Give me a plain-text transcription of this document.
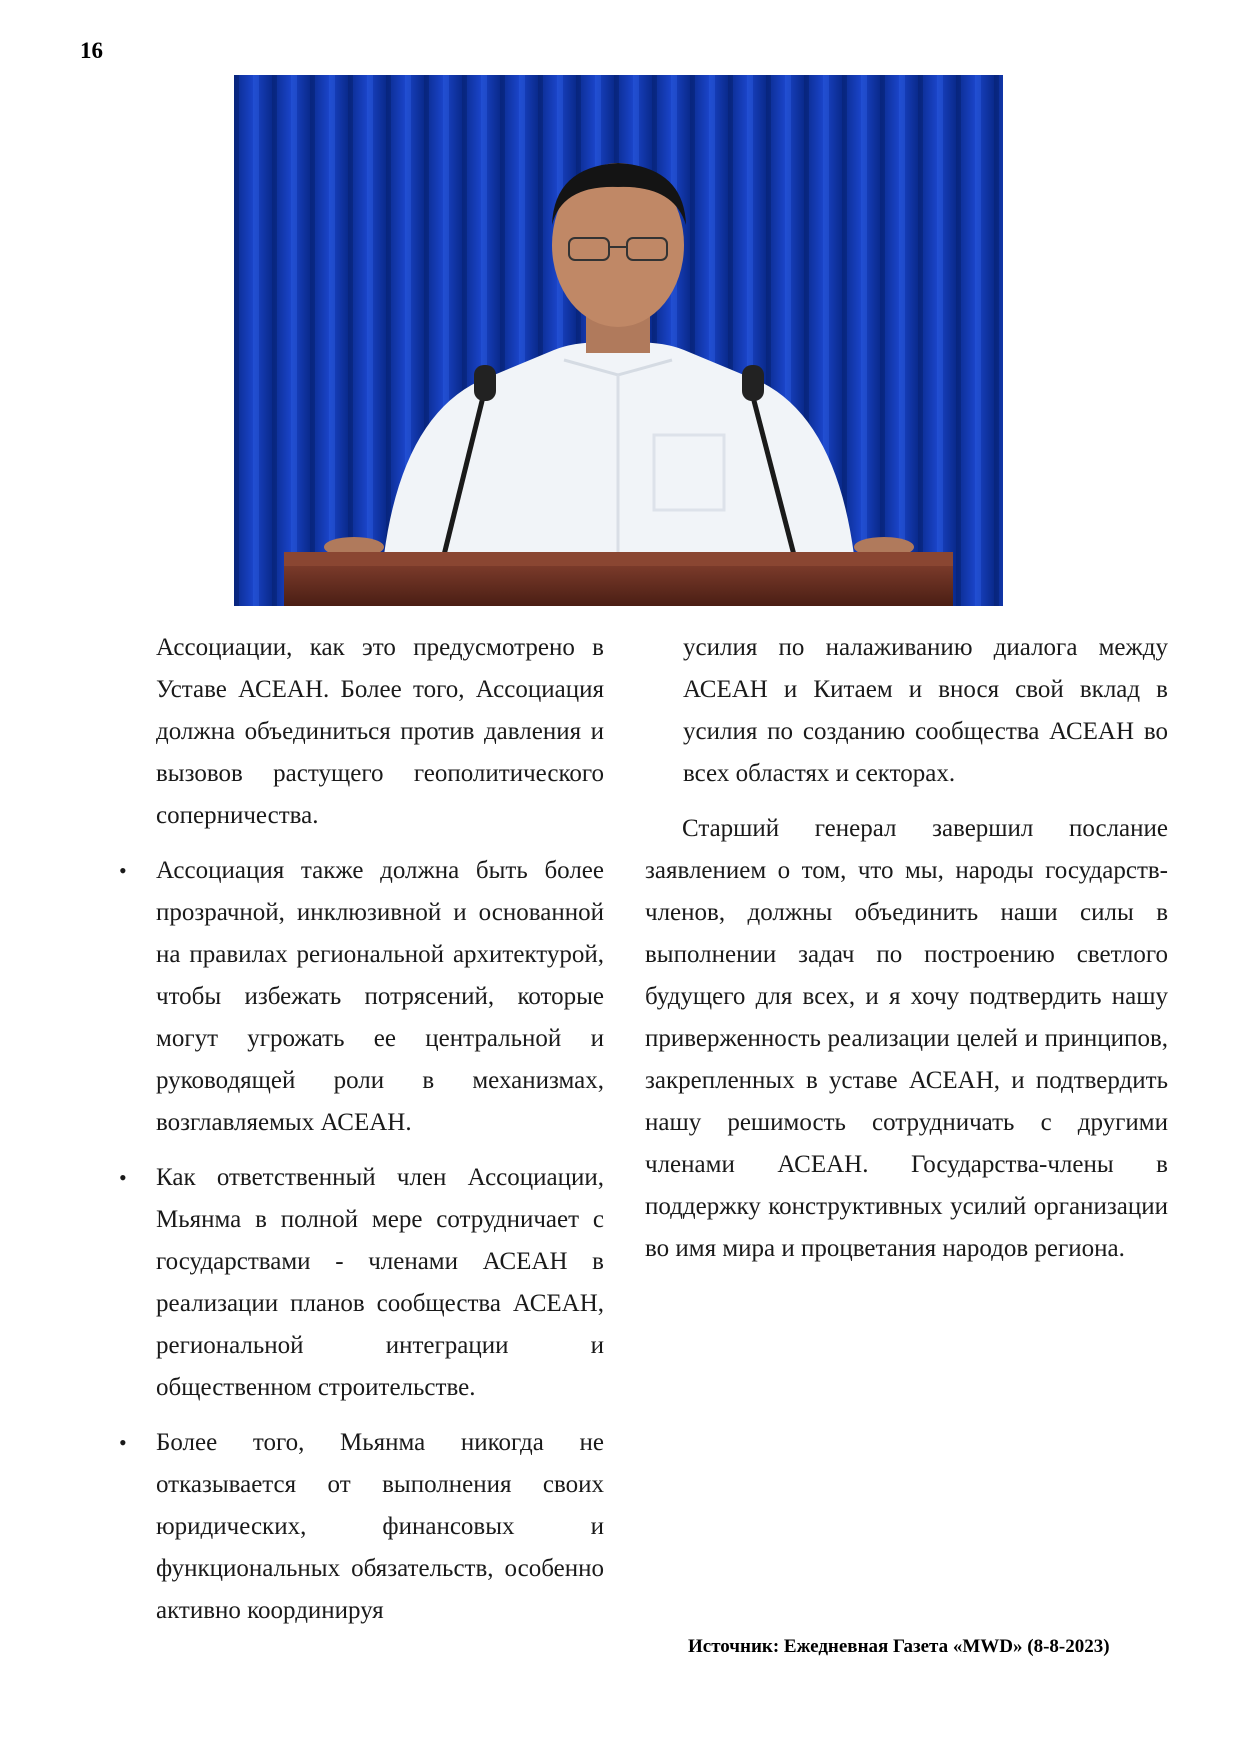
16

Ассоциации, как это предусмотрено в Уставе АСЕАН. Более того, Ассоциация должна объединиться против давления и вызовов растущего геополитического соперничества.

• Ассоциация также должна быть более прозрачной, инклюзивной и основанной на правилах региональной архитектурой, чтобы избежать потрясений, которые могут угрожать ее центральной и руководящей роли в механизмах, возглавляемых АСЕАН.

• Как ответственный член Ассоциации, Мьянма в полной мере сотрудничает с государствами - членами АСЕАН в реализации планов сообщества АСЕАН, региональной интеграции и общественном строительстве.

• Более того, Мьянма никогда не отказывается от выполнения своих юридических, финансовых и функциональных обязательств, особенно активно координируя

усилия по налаживанию диалога между АСЕАН и Китаем и внося свой вклад в усилия по созданию сообщества АСЕАН во всех областях и секторах.

Старший генерал завершил послание заявлением о том, что мы, народы государств-членов, должны объединить наши силы в выполнении задач по построению светлого будущего для всех, и я хочу подтвердить нашу приверженность реализации целей и принципов, закрепленных в уставе АСЕАН, и подтвердить нашу решимость сотрудничать с другими членами АСЕАН. Государства-члены в поддержку конструктивных усилий организации во имя мира и процветания народов региона.

Источник: Ежедневная Газета «MWD» (8-8-2023)
